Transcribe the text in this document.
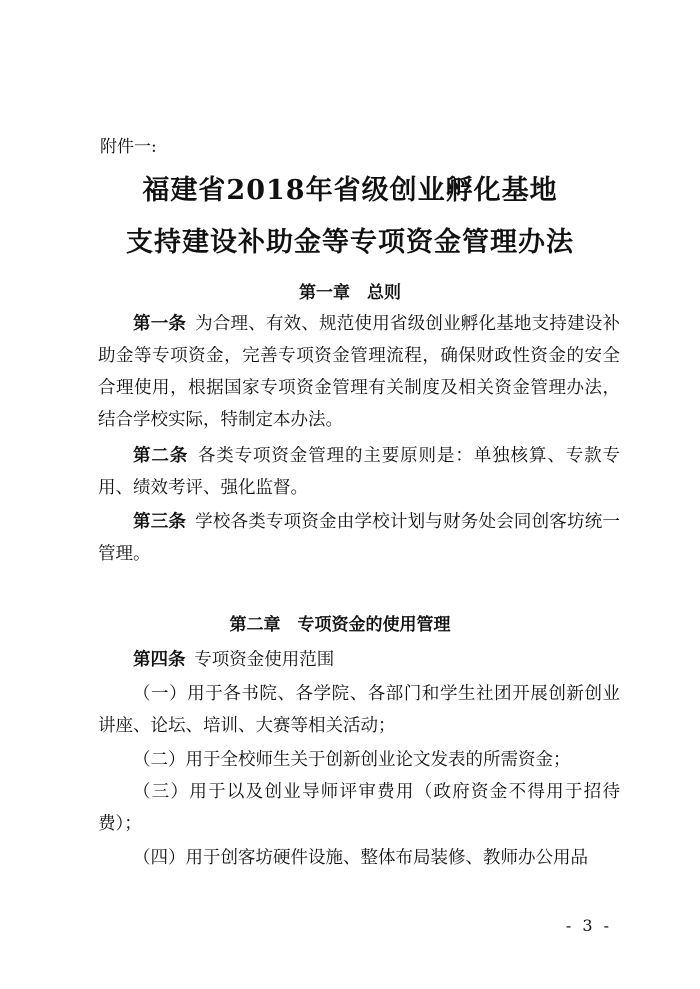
附件一:
福建省2018年省级创业孵化基地
支持建设补助金等专项资金管理办法
第一章　总则

第一条  为合理、有效、规范使用省级创业孵化基地支持建设补助金等专项资金，完善专项资金管理流程，确保财政性资金的安全合理使用，根据国家专项资金管理有关制度及相关资金管理办法，结合学校实际，特制定本办法。

第二条  各类专项资金管理的主要原则是：单独核算、专款专用、绩效考评、强化监督。

第三条  学校各类专项资金由学校计划与财务处会同创客坊统一管理。

第二章　专项资金的使用管理

第四条  专项资金使用范围

（一）用于各书院、各学院、各部门和学生社团开展创新创业讲座、论坛、培训、大赛等相关活动；

（二）用于全校师生关于创新创业论文发表的所需资金；

（三）用于以及创业导师评审费用（政府资金不得用于招待费）；

（四）用于创客坊硬件设施、整体布局装修、教师办公用品

- 3 -
